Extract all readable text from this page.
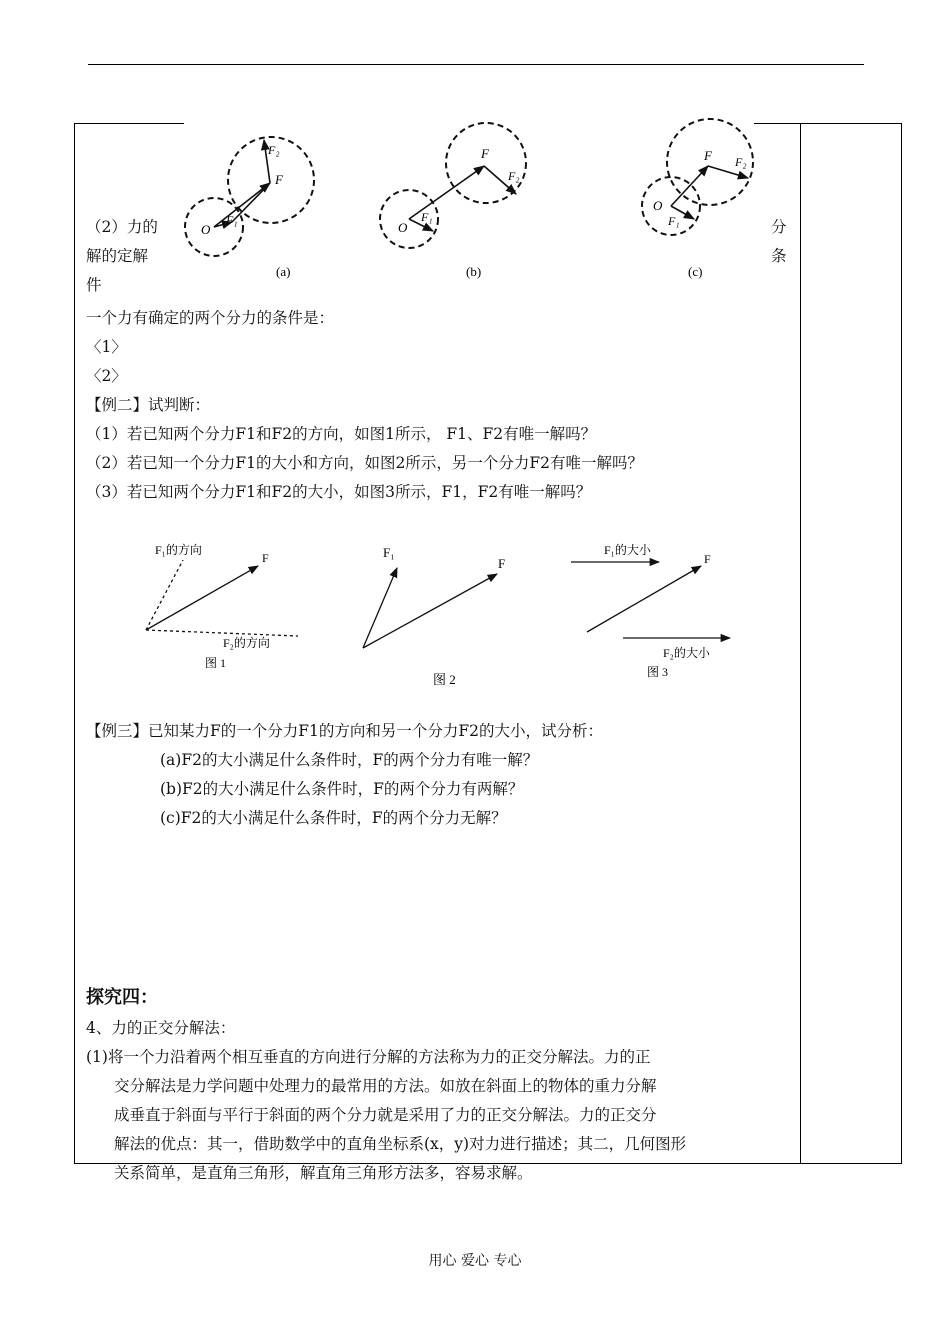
（2）力的
解的定解
件
分
条
O
F₁
F
F₂
(a)
O
F₁
F
F₂
(b)
O
F₁
F F₂
(c)
一个力有确定的两个分力的条件是：
〈1〉
〈2〉
【例二】试判断：
（1）若已知两个分力F1和F2的方向，如图1所示， F1、F2有唯一解吗？
（2）若已知一个分力F1的大小和方向，如图2所示，另一个分力F2有唯一解吗？
（3）若已知两个分力F1和F2的大小，如图3所示，F1，F2有唯一解吗？
F₁的方向
F
F₂的方向
图 1
F₁
F
图 2
F₁的大小
F
F₂的大小
图 3
【例三】已知某力F的一个分力F1的方向和另一个分力F2的大小，试分析：
(a)F2的大小满足什么条件时，F的两个分力有唯一解？
(b)F2的大小满足什么条件时，F的两个分力有两解？
(c)F2的大小满足什么条件时，F的两个分力无解？
探究四：
4、力的正交分解法：
(1)将一个力沿着两个相互垂直的方向进行分解的方法称为力的正交分解法。力的正
交分解法是力学问题中处理力的最常用的方法。如放在斜面上的物体的重力分解
成垂直于斜面与平行于斜面的两个分力就是采用了力的正交分解法。力的正交分
解法的优点：其一，借助数学中的直角坐标系(x，y)对力进行描述；其二，几何图形
关系简单，是直角三角形，解直角三角形方法多，容易求解。
用心 爱心 专心
